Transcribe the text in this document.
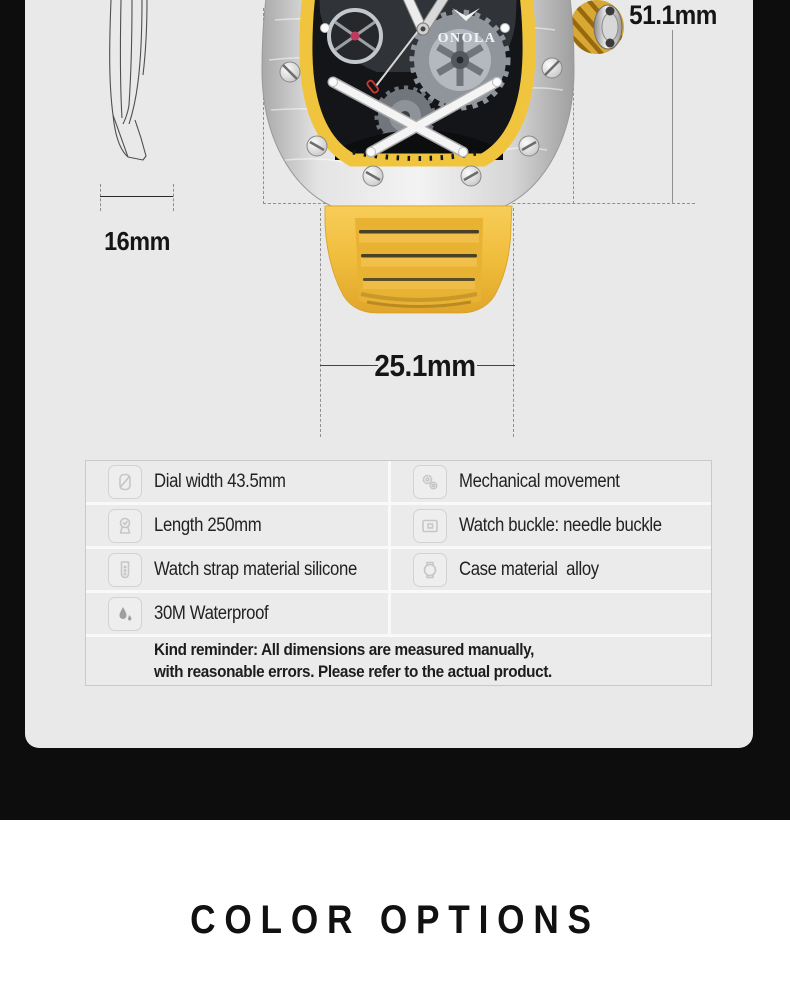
16mm
51.1mm
25.1mm
ONOLA
Dial width 43.5mm	Mechanical movement
Length 250mm	Watch buckle: needle buckle
Watch strap material silicone	Case material  alloy
30M Waterproof
Kind reminder: All dimensions are measured manually,
with reasonable errors. Please refer to the actual product.
COLOR OPTIONS
